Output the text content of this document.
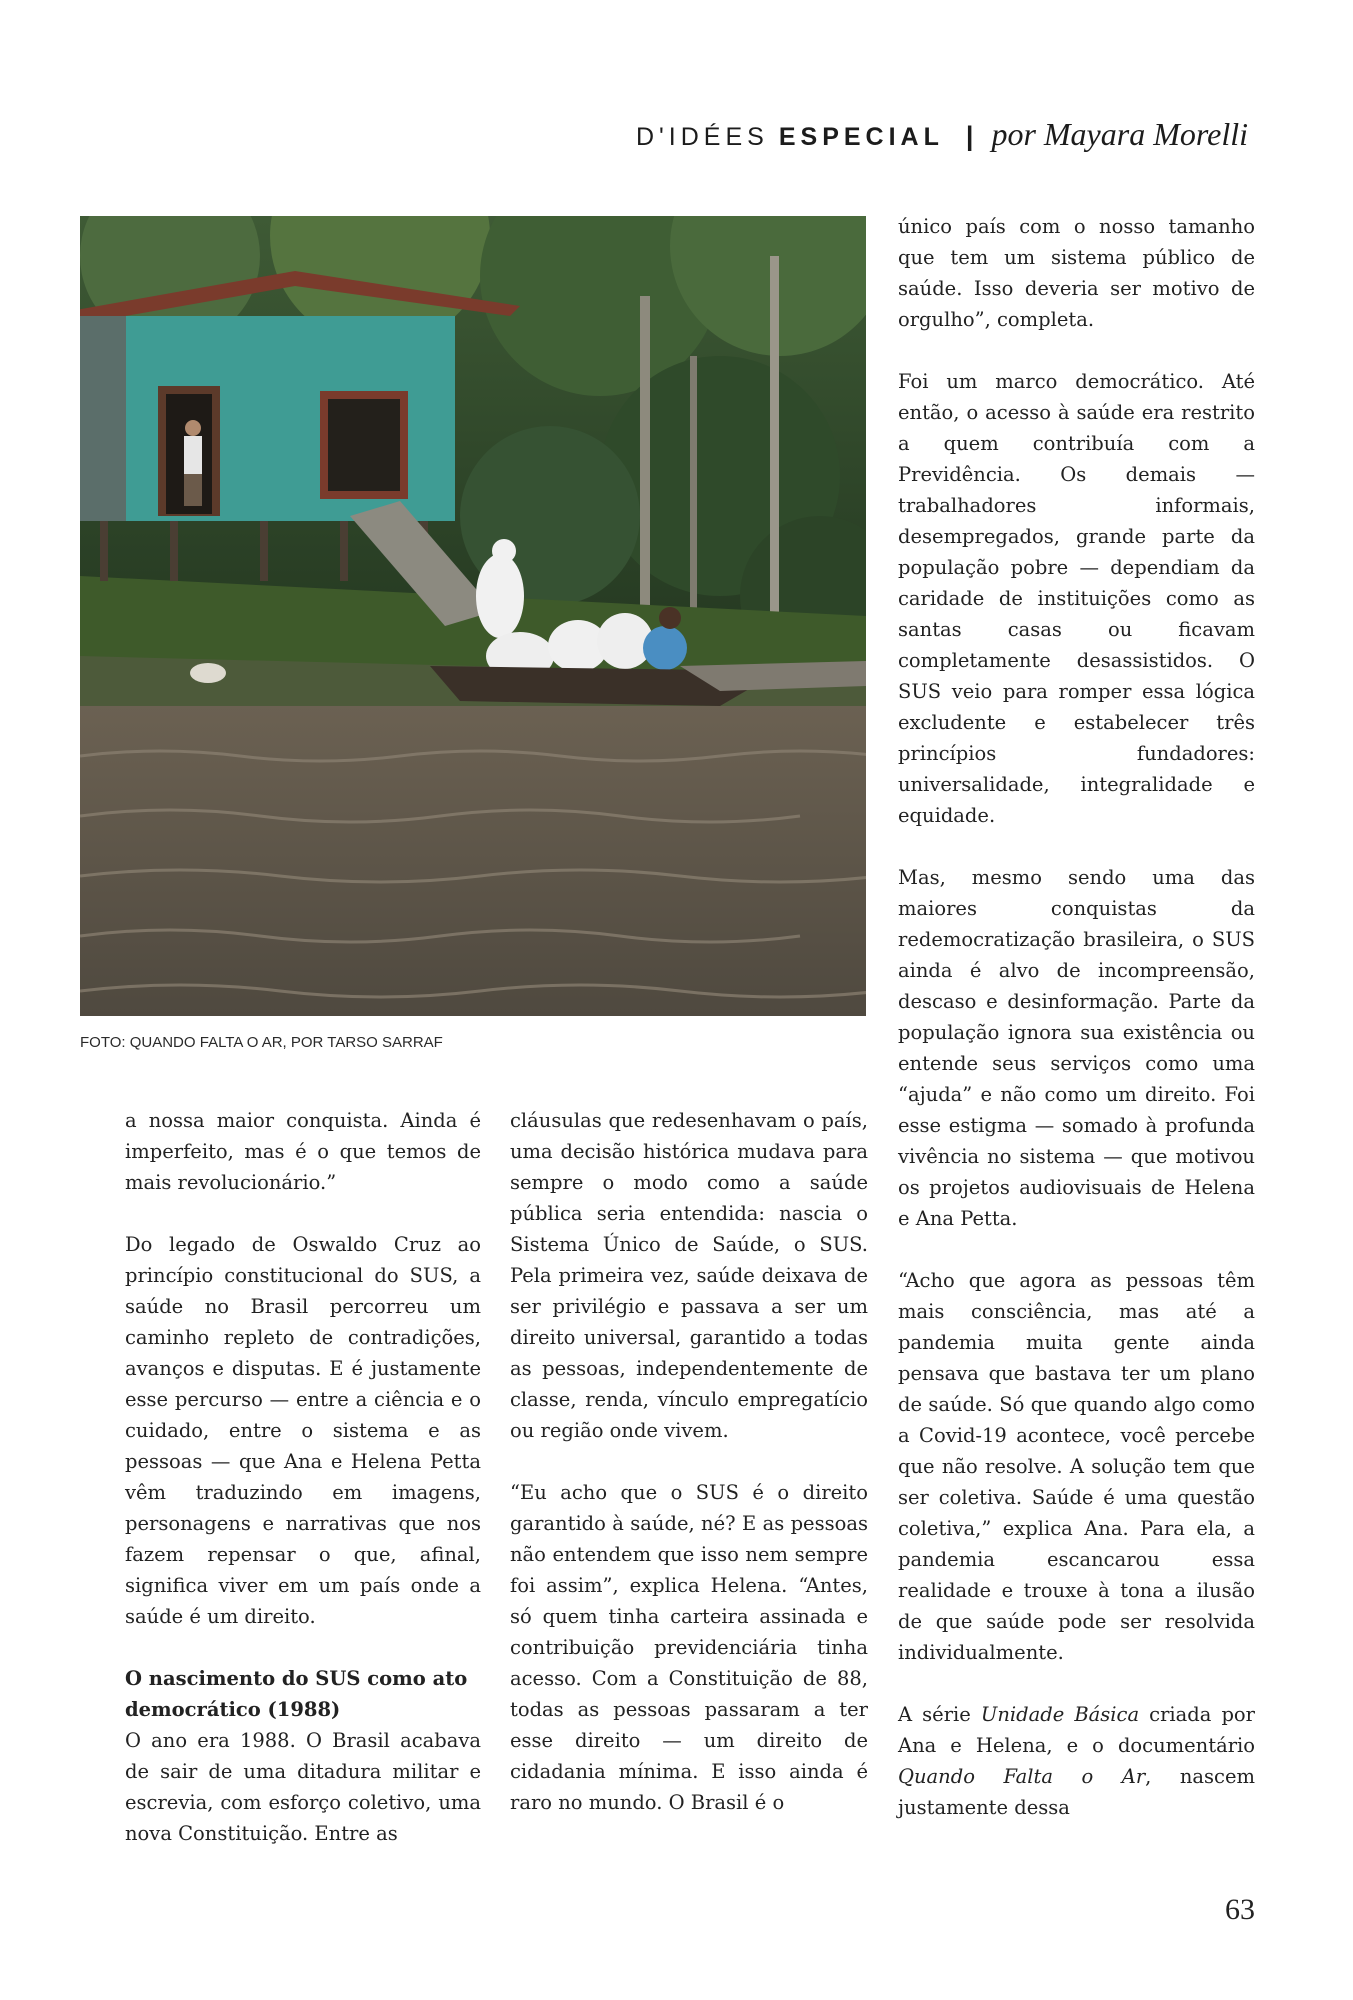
D'IDÉES ESPECIAL | por Mayara Morelli
FOTO: QUANDO FALTA O AR, POR TARSO SARRAF

a nossa maior conquista. Ainda é imperfeito, mas é o que temos de mais revolucionário.”

Do legado de Oswaldo Cruz ao princípio constitucional do SUS, a saúde no Brasil percorreu um caminho repleto de contradições, avanços e disputas. E é justamente esse percurso — entre a ciência e o cuidado, entre o sistema e as pessoas — que Ana e Helena Petta vêm traduzindo em imagens, personagens e narrativas que nos fazem repensar o que, afinal, significa viver em um país onde a saúde é um direito.

O nascimento do SUS como ato democrático (1988)

O ano era 1988. O Brasil acabava de sair de uma ditadura militar e escrevia, com esforço coletivo, uma nova Constituição. Entre as

cláusulas que redesenhavam o país, uma decisão histórica mudava para sempre o modo como a saúde pública seria entendida: nascia o Sistema Único de Saúde, o SUS. Pela primeira vez, saúde deixava de ser privilégio e passava a ser um direito universal, garantido a todas as pessoas, independentemente de classe, renda, vínculo empregatício ou região onde vivem.

“Eu acho que o SUS é o direito garantido à saúde, né? E as pessoas não entendem que isso nem sempre foi assim”, explica Helena. “Antes, só quem tinha carteira assinada e contribuição previdenciária tinha acesso. Com a Constituição de 88, todas as pessoas passaram a ter esse direito — um direito de cidadania mínima. E isso ainda é raro no mundo. O Brasil é o

único país com o nosso tamanho que tem um sistema público de saúde. Isso deveria ser motivo de orgulho”, completa.

Foi um marco democrático. Até então, o acesso à saúde era restrito a quem contribuía com a Previdência. Os demais — trabalhadores informais, desempregados, grande parte da população pobre — dependiam da caridade de instituições como as santas casas ou ficavam completamente desassistidos. O SUS veio para romper essa lógica excludente e estabelecer três princípios fundadores: universalidade, integralidade e equidade.

Mas, mesmo sendo uma das maiores conquistas da redemocratização brasileira, o SUS ainda é alvo de incompreensão, descaso e desinformação. Parte da população ignora sua existência ou entende seus serviços como uma “ajuda” e não como um direito. Foi esse estigma — somado à profunda vivência no sistema — que motivou os projetos audiovisuais de Helena e Ana Petta.

“Acho que agora as pessoas têm mais consciência, mas até a pandemia muita gente ainda pensava que bastava ter um plano de saúde. Só que quando algo como a Covid-19 acontece, você percebe que não resolve. A solução tem que ser coletiva. Saúde é uma questão coletiva,” explica Ana. Para ela, a pandemia escancarou essa realidade e trouxe à tona a ilusão de que saúde pode ser resolvida individualmente.

A série Unidade Básica criada por Ana e Helena, e o documentário Quando Falta o Ar, nascem justamente dessa

63
